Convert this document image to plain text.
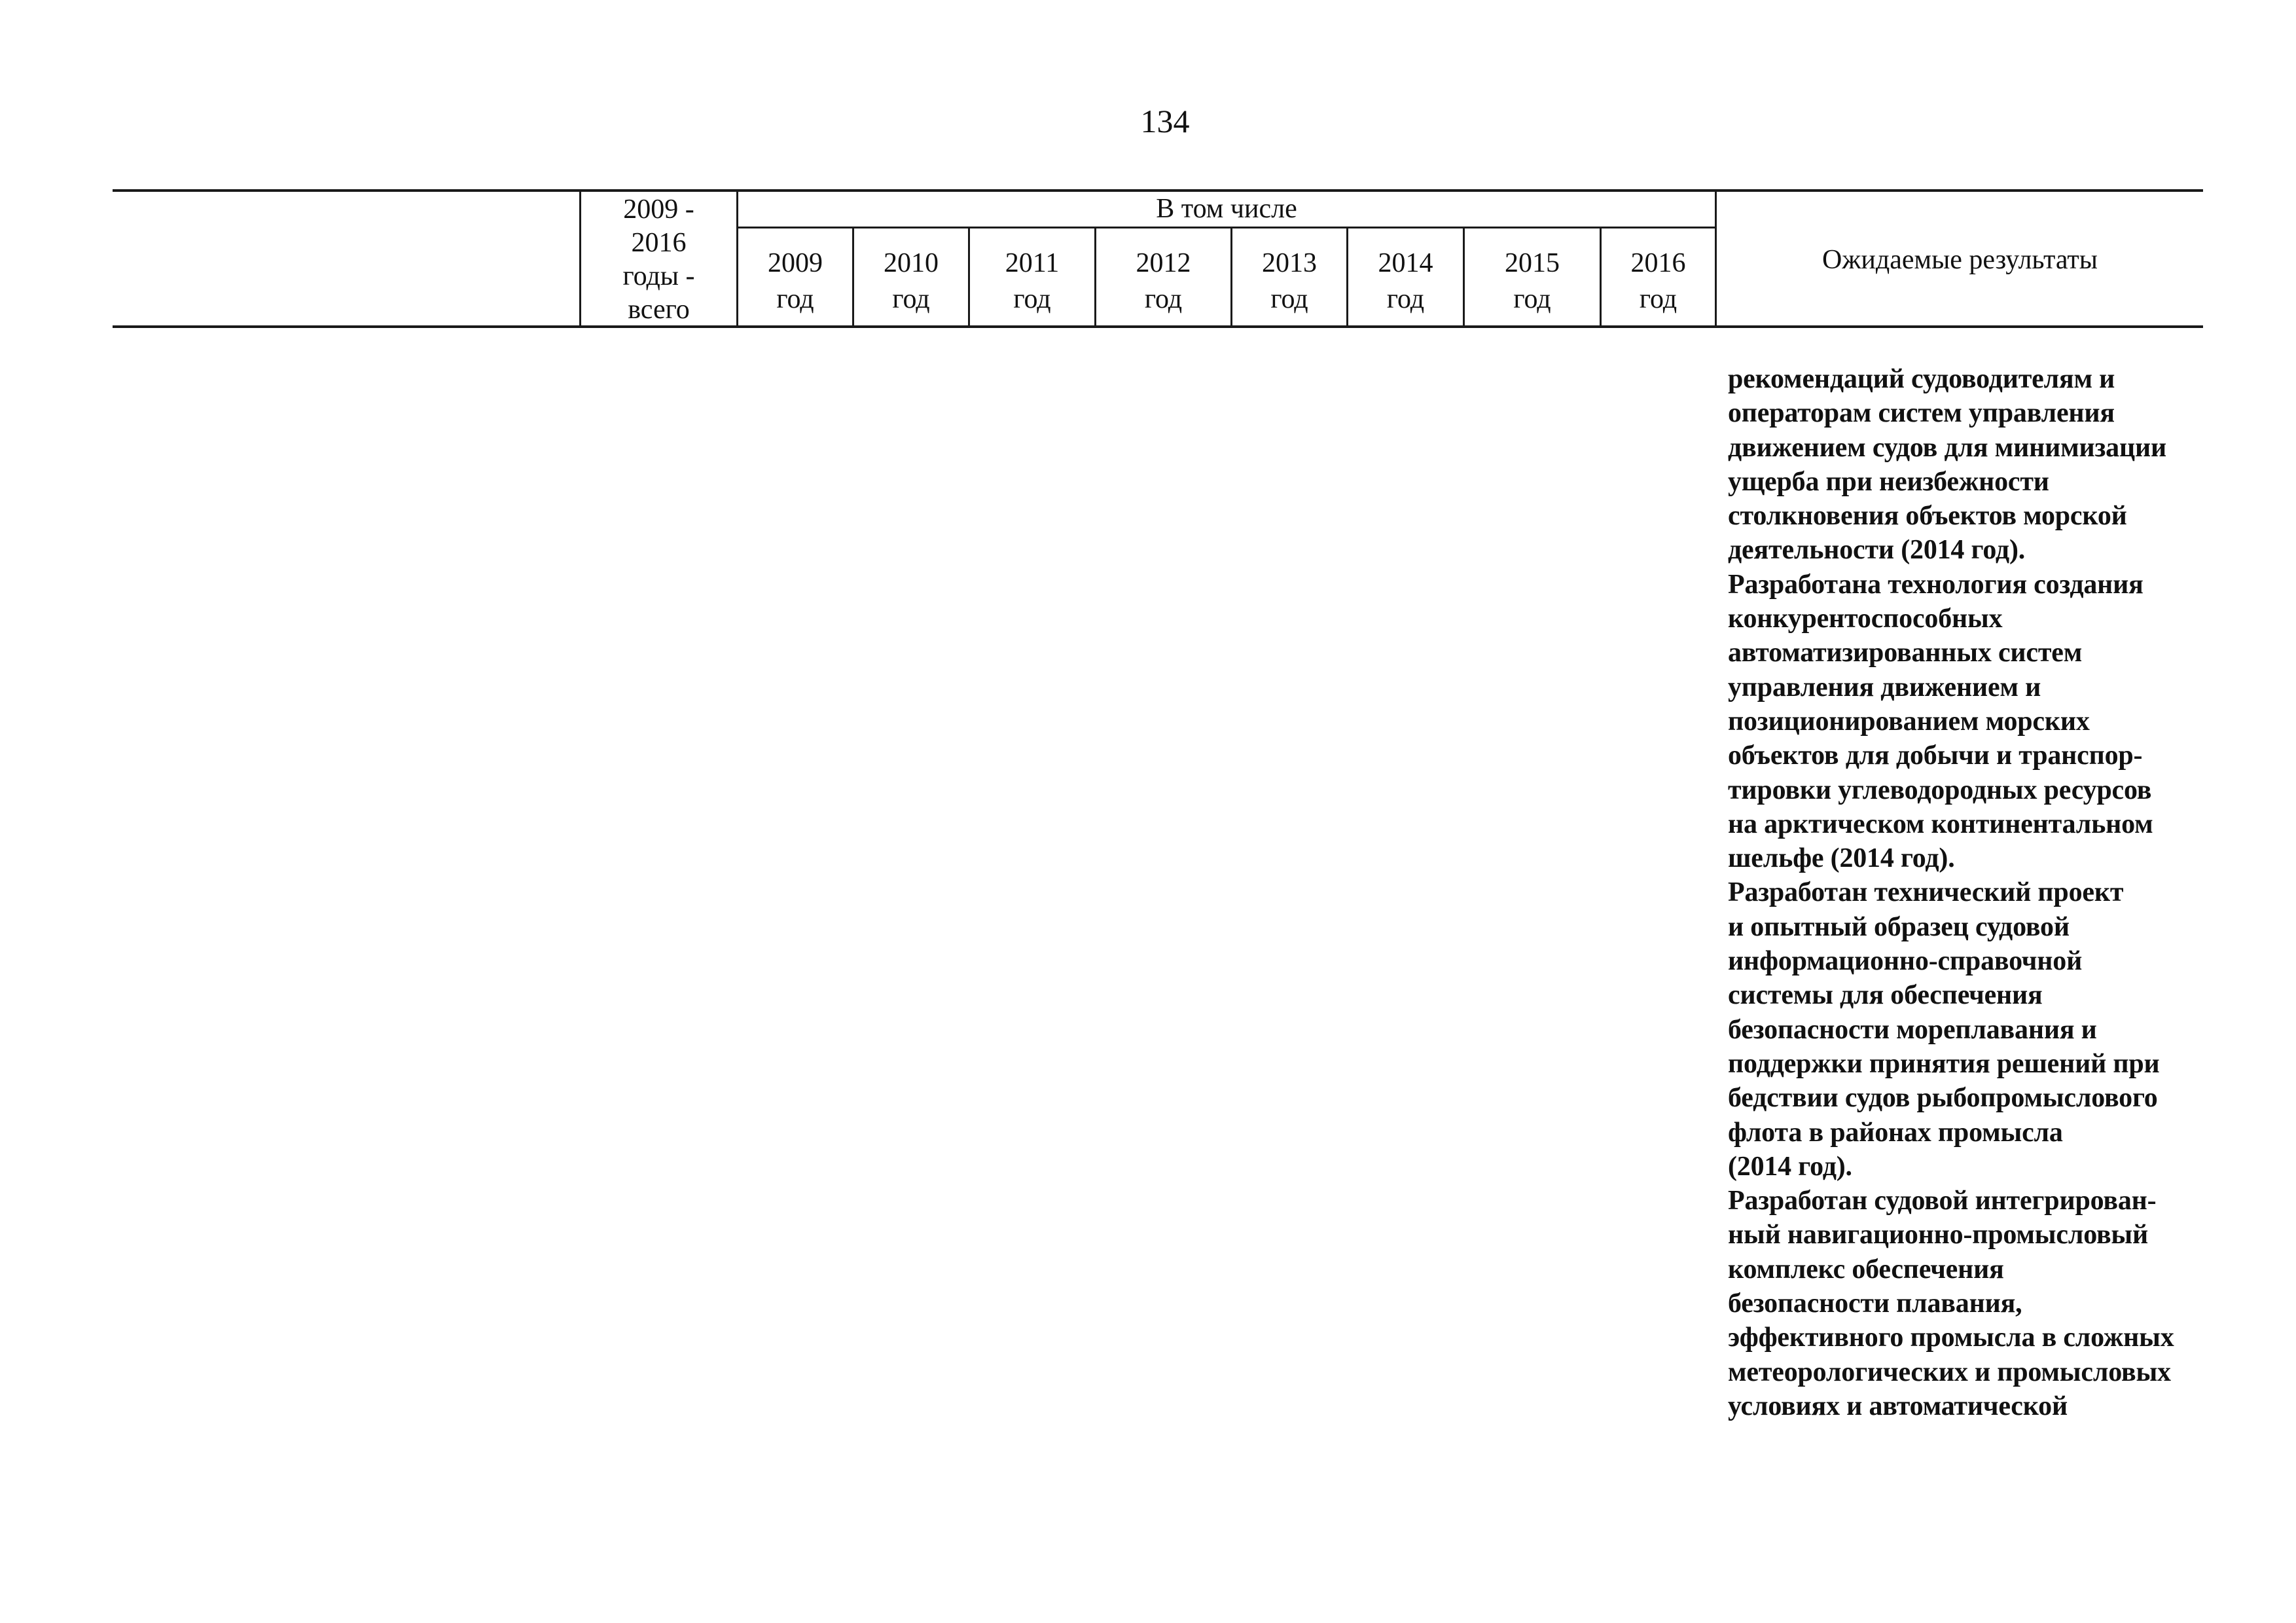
134
2009 -
2016
годы -
всего
В том числе
2009
год
2010
год
2011
год
2012
год
2013
год
2014
год
2015
год
2016
год
Ожидаемые результаты
рекомендаций судоводителям и
операторам систем управления
движением судов для минимизации
ущерба при неизбежности
столкновения объектов морской
деятельности (2014 год).
Разработана технология создания
конкурентоспособных
автоматизированных систем
управления движением и
позиционированием морских
объектов для добычи и транспор-
тировки углеводородных ресурсов
на арктическом континентальном
шельфе (2014 год).
Разработан технический проект
и опытный образец судовой
информационно-справочной
системы для обеспечения
безопасности мореплавания и
поддержки принятия решений при
бедствии судов рыбопромыслового
флота в районах промысла
(2014 год).
Разработан судовой интегрирован-
ный навигационно-промысловый
комплекс обеспечения
безопасности плавания,
эффективного промысла в сложных
метеорологических и промысловых
условиях и автоматической
